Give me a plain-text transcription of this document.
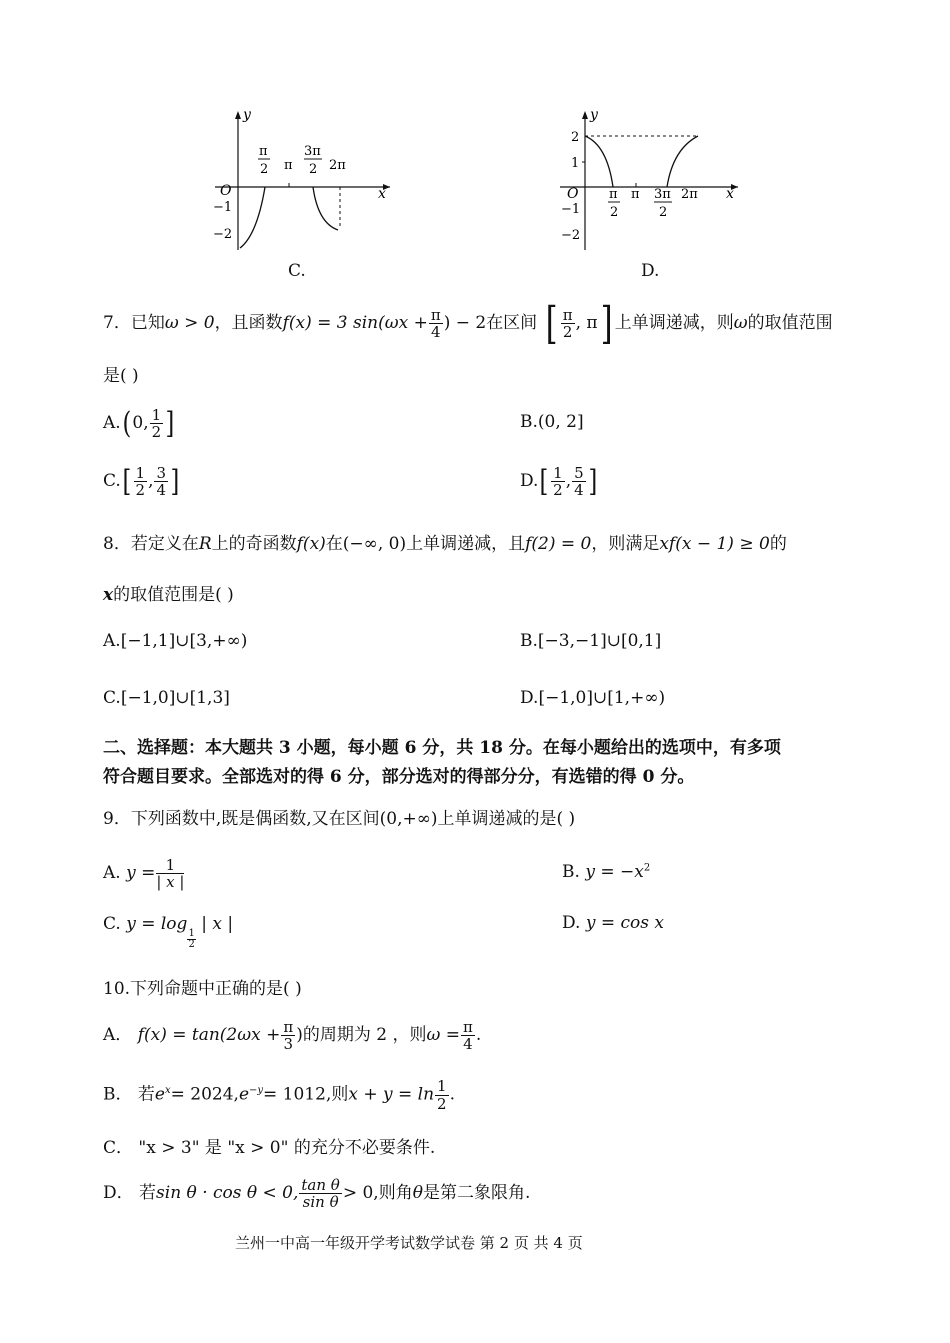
y
x
O
−1
−2
π
2 π
3π
2 2π
C.
y
x
O
2
1
−1
−2
π
2
π 3π
2
2π
D.
7．已知ω > 0，且函数f(x) = 3 $\sin(\omega x + \frac{\pi}{4}$ ) − 2在区间 [ $\frac{\pi}{2}$ , π] 上单调递减，则ω的取值范围
是( )
A.(0, $\frac{1}{2}$ ]	B.(0, 2]
$C.[ \frac{1}{2}$ , $\frac{3}{4}$ ]	$D.[ \frac{1}{2}$ , $\frac{5}{4}$ ]
8．若定义在R上的奇函数f(x)在(−∞, 0)上单调递减，且f(2) = 0，则满足xf(x − 1) ≥ 0的
x的取值范围是( )
A.[−1,1]∪[3,+∞)	B.[−3,−1]∪[0,1]
C.[−1,0]∪[1,3]	D.[−1,0]∪[1,+∞)
二、选择题：本大题共 3 小题，每小题 6 分，共 18 分。在每小题给出的选项中，有多项
符合题目要求。全部选对的得 6 分，部分选对的得部分分，有选错的得 0 分。
9．下列函数中,既是偶函数,又在区间(0,+∞)上单调递减的是( )
A. $y = \frac{1}{| x |}$	B. $y = -x^2$
C. y = log
$\frac{1}{2}$
| x |	D. y = cos x
10.下列命题中正确的是( )
A． $f(x) = \tan(2\omega x + \frac{\pi}{3}$ )的周期为 2 ，则$\omega = \frac{\pi}{4}$ .
B． 若$e^x= 2024,e^{-y}= 1012$,则$x + y = \ln \frac{1}{2}$ .
C． "x > 3" 是 "x > 0" 的充分不必要条件.
D． 若sin θ · cos θ < 0, $\frac{\text{tan θ}}{\text{sin θ}} > 0$,则角θ是第二象限角.
兰州一中高一年级开学考试数学试卷 第 2 页 共 4 页
